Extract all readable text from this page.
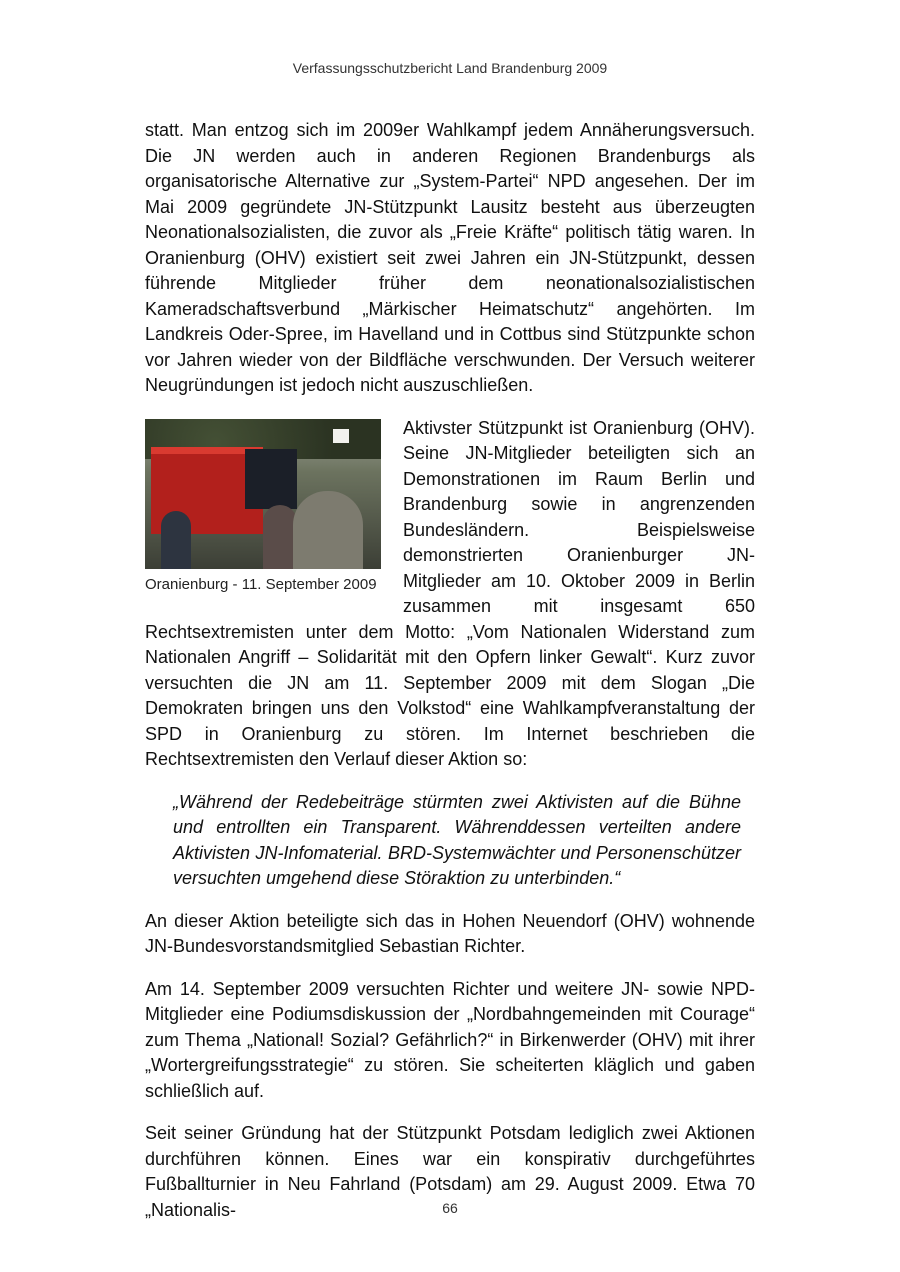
Verfassungsschutzbericht Land Brandenburg 2009

statt. Man entzog sich im 2009er Wahlkampf jedem Annäherungsversuch. Die JN werden auch in anderen Regionen Brandenburgs als organisatorische Alternative zur „System-Partei“ NPD angesehen. Der im Mai 2009 gegründete JN-Stützpunkt Lausitz besteht aus überzeugten Neonationalsozialisten, die zuvor als „Freie Kräfte“ politisch tätig waren. In Oranienburg (OHV) existiert seit zwei Jahren ein JN-Stützpunkt, dessen führende Mitglieder früher dem neonationalsozialistischen Kameradschaftsverbund „Märkischer Heimatschutz“ angehörten. Im Landkreis Oder-Spree, im Havelland und in Cottbus sind Stützpunkte schon vor Jahren wieder von der Bildfläche verschwunden. Der Versuch weiterer Neugründungen ist jedoch nicht auszuschließen.

Oranienburg - 11. September 2009

Aktivster Stützpunkt ist Oranienburg (OHV). Seine JN-Mitglieder beteiligten sich an Demonstrationen im Raum Berlin und Brandenburg sowie in angrenzenden Bundesländern. Beispielsweise demonstrierten Oranienburger JN-Mitglieder am 10. Oktober 2009 in Berlin zusammen mit insgesamt 650 Rechtsextremisten unter dem Motto: „Vom Nationalen Widerstand zum Nationalen Angriff – Solidarität mit den Opfern linker Gewalt“. Kurz zuvor versuchten die JN am 11. September 2009 mit dem Slogan „Die Demokraten bringen uns den Volkstod“ eine Wahlkampfveranstaltung der SPD in Oranienburg zu stören. Im Internet beschrieben die Rechtsextremisten den Verlauf dieser Aktion so:

„Während der Redebeiträge stürmten zwei Aktivisten auf die Bühne und entrollten ein Transparent. Währenddessen verteilten andere Aktivisten JN-Infomaterial. BRD-Systemwächter und Personenschützer versuchten umgehend diese Störaktion zu unterbinden.“

An dieser Aktion beteiligte sich das in Hohen Neuendorf (OHV) wohnende JN-Bundesvorstandsmitglied Sebastian Richter.

Am 14. September 2009 versuchten Richter und weitere JN- sowie NPD-Mitglieder eine Podiumsdiskussion der „Nordbahngemeinden mit Courage“ zum Thema „National! Sozial? Gefährlich?“ in Birkenwerder (OHV) mit ihrer „Wortergreifungsstrategie“ zu stören. Sie scheiterten kläglich und gaben schließlich auf.

Seit seiner Gründung hat der Stützpunkt Potsdam lediglich zwei Aktionen durchführen können. Eines war ein konspirativ durchgeführtes Fußballturnier in Neu Fahrland (Potsdam) am 29. August 2009. Etwa 70 „Nationalis-	66
